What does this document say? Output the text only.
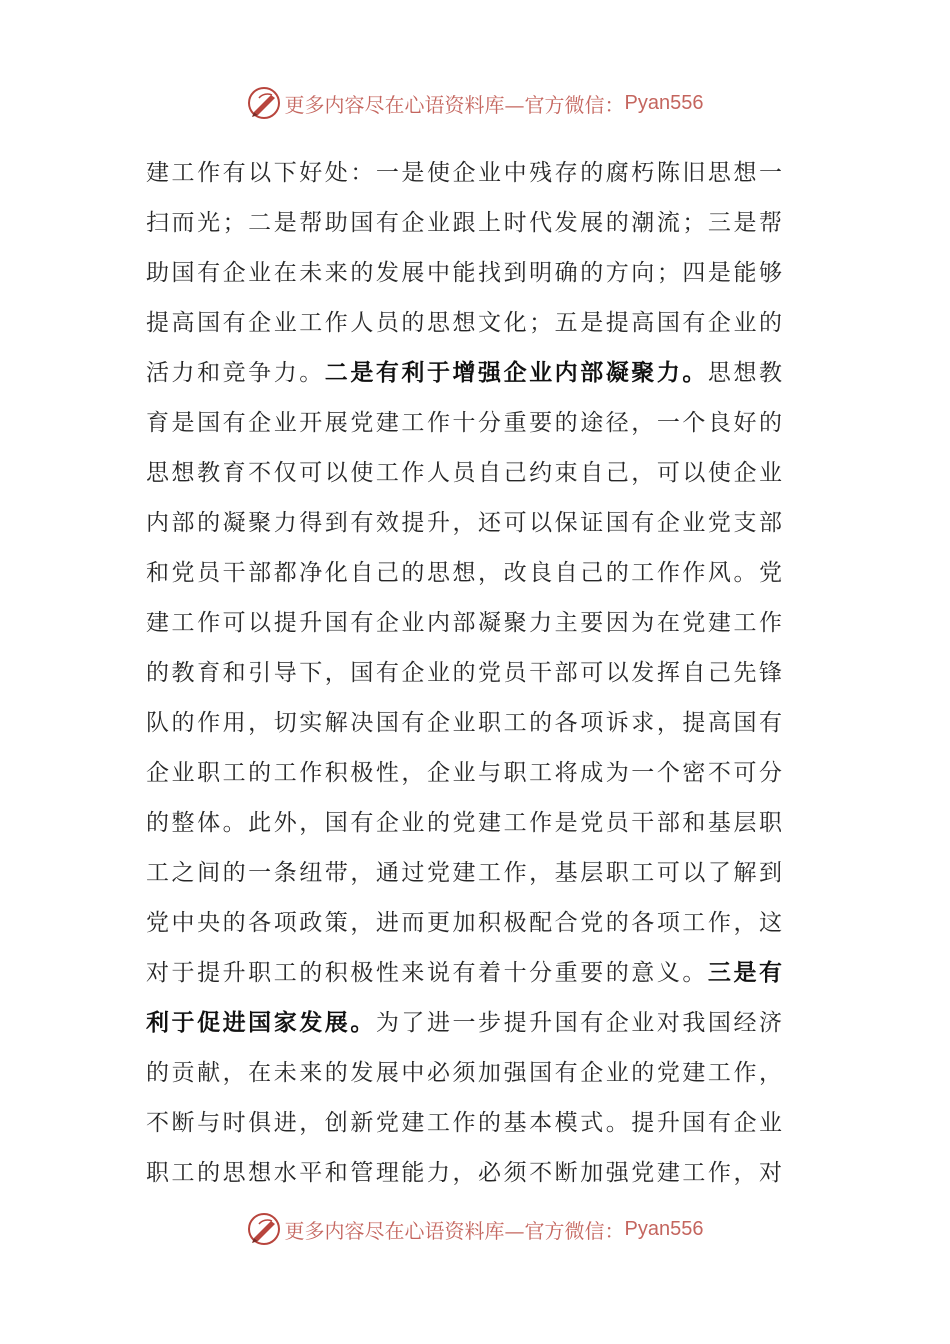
更多内容尽在心语资料库—官方微信： Pyan556
建工作有以下好处：一是使企业中残存的腐朽陈旧思想一
扫而光；二是帮助国有企业跟上时代发展的潮流；三是帮
助国有企业在未来的发展中能找到明确的方向；四是能够
提高国有企业工作人员的思想文化；五是提高国有企业的
活力和竞争力。二是有利于增强企业内部凝聚力。思想教
育是国有企业开展党建工作十分重要的途径，一个良好的
思想教育不仅可以使工作人员自己约束自己，可以使企业
内部的凝聚力得到有效提升，还可以保证国有企业党支部
和党员干部都净化自己的思想，改良自己的工作作风。党
建工作可以提升国有企业内部凝聚力主要因为在党建工作
的教育和引导下，国有企业的党员干部可以发挥自己先锋
队的作用，切实解决国有企业职工的各项诉求，提高国有
企业职工的工作积极性，企业与职工将成为一个密不可分
的整体。此外，国有企业的党建工作是党员干部和基层职
工之间的一条纽带，通过党建工作，基层职工可以了解到
党中央的各项政策，进而更加积极配合党的各项工作，这
对于提升职工的积极性来说有着十分重要的意义。三是有
利于促进国家发展。为了进一步提升国有企业对我国经济
的贡献，在未来的发展中必须加强国有企业的党建工作，
不断与时俱进，创新党建工作的基本模式。提升国有企业
职工的思想水平和管理能力，必须不断加强党建工作，对
更多内容尽在心语资料库—官方微信： Pyan556
